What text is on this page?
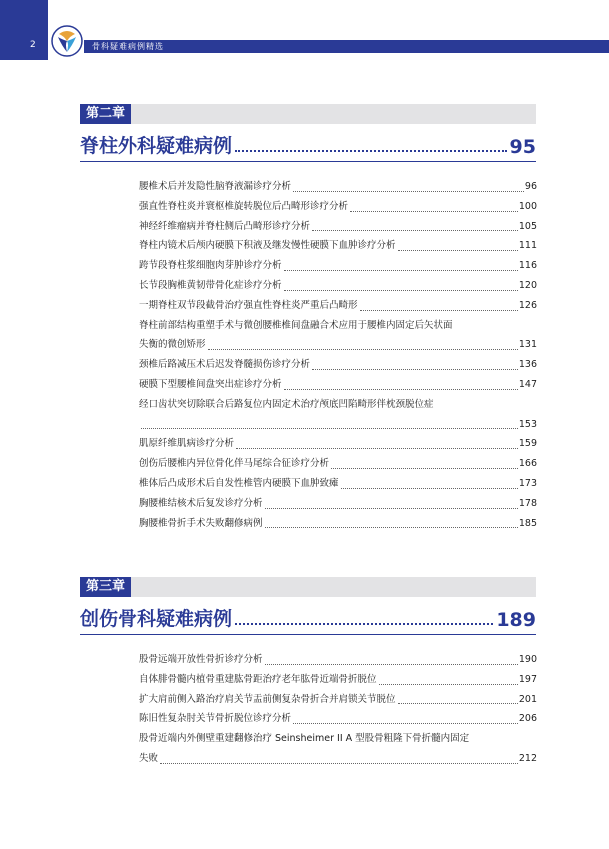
2	骨科疑难病例精选
第二章
脊柱外科疑难病例	95
腰椎术后并发隐性脑脊液漏诊疗分析	96
强直性脊柱炎并寰枢椎旋转脱位后凸畸形诊疗分析	100
神经纤维瘤病并脊柱侧后凸畸形诊疗分析	105
脊柱内镜术后颅内硬膜下积液及继发慢性硬膜下血肿诊疗分析	111
跨节段脊柱浆细胞肉芽肿诊疗分析	116
长节段胸椎黄韧带骨化症诊疗分析	120
一期脊柱双节段截骨治疗强直性脊柱炎严重后凸畸形	126
脊柱前部结构重塑手术与微创腰椎椎间盘融合术应用于腰椎内固定后矢状面
失衡的微创矫形	131
颈椎后路减压术后迟发脊髓损伤诊疗分析	136
硬膜下型腰椎间盘突出症诊疗分析	147
经口齿状突切除联合后路复位内固定术治疗颅底凹陷畸形伴枕颈脱位症
153
肌原纤维肌病诊疗分析	159
创伤后腰椎内异位骨化伴马尾综合征诊疗分析	166
椎体后凸成形术后自发性椎管内硬膜下血肿致瘫	173
胸腰椎结核术后复发诊疗分析	178
胸腰椎骨折手术失败翻修病例	185
第三章
创伤骨科疑难病例	189
股骨远端开放性骨折诊疗分析	190
自体腓骨髓内植骨重建肱骨距治疗老年肱骨近端骨折脱位	197
扩大肩前侧入路治疗肩关节盂前侧复杂骨折合并肩锁关节脱位	201
陈旧性复杂肘关节骨折脱位诊疗分析	206
股骨近端内外侧壁重建翻修治疗 Seinsheimer II A 型股骨粗隆下骨折髓内固定
失败	212
